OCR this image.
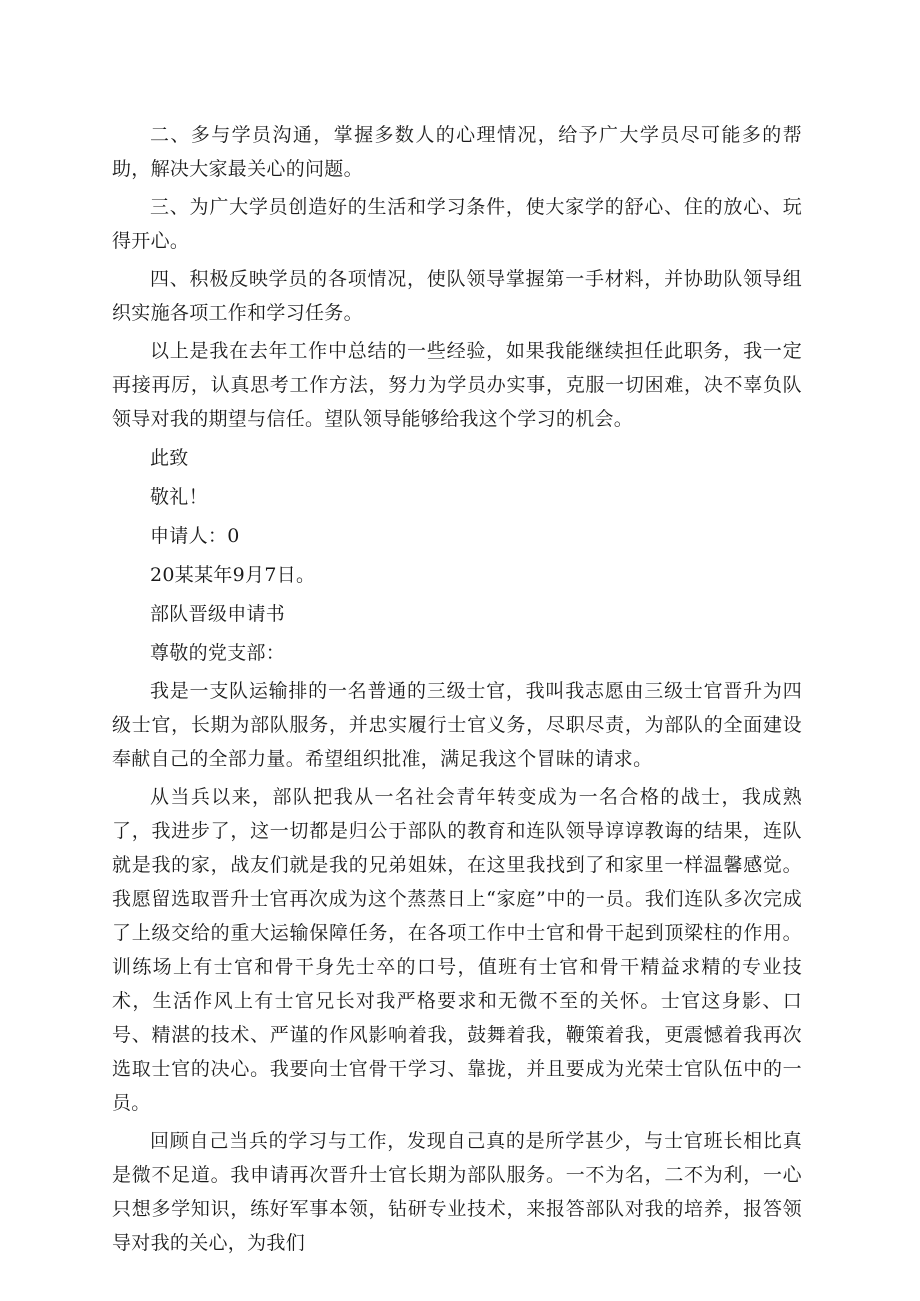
二、多与学员沟通，掌握多数人的心理情况，给予广大学员尽可能多的帮助，解决大家最关心的问题。

三、为广大学员创造好的生活和学习条件，使大家学的舒心、住的放心、玩得开心。

四、积极反映学员的各项情况，使队领导掌握第一手材料，并协助队领导组织实施各项工作和学习任务。

以上是我在去年工作中总结的一些经验，如果我能继续担任此职务，我一定再接再厉，认真思考工作方法，努力为学员办实事，克服一切困难，决不辜负队领导对我的期望与信任。望队领导能够给我这个学习的机会。

此致

敬礼！

申请人：0

20某某年9月7日。

部队晋级申请书

尊敬的党支部：

我是一支队运输排的一名普通的三级士官，我叫我志愿由三级士官晋升为四级士官，长期为部队服务，并忠实履行士官义务，尽职尽责，为部队的全面建设奉献自己的全部力量。希望组织批准，满足我这个冒昧的请求。

从当兵以来，部队把我从一名社会青年转变成为一名合格的战士，我成熟了，我进步了，这一切都是归公于部队的教育和连队领导谆谆教诲的结果，连队就是我的家，战友们就是我的兄弟姐妹，在这里我找到了和家里一样温馨感觉。我愿留选取晋升士官再次成为这个蒸蒸日上“家庭”中的一员。我们连队多次完成了上级交给的重大运输保障任务，在各项工作中士官和骨干起到顶梁柱的作用。训练场上有士官和骨干身先士卒的口号，值班有士官和骨干精益求精的专业技术，生活作风上有士官兄长对我严格要求和无微不至的关怀。士官这身影、口号、精湛的技术、严谨的作风影响着我，鼓舞着我，鞭策着我，更震憾着我再次选取士官的决心。我要向士官骨干学习、靠拢，并且要成为光荣士官队伍中的一员。

回顾自己当兵的学习与工作，发现自己真的是所学甚少，与士官班长相比真是微不足道。我申请再次晋升士官长期为部队服务。一不为名，二不为利，一心只想多学知识，练好军事本领，钻研专业技术，来报答部队对我的培养，报答领导对我的关心，为我们
